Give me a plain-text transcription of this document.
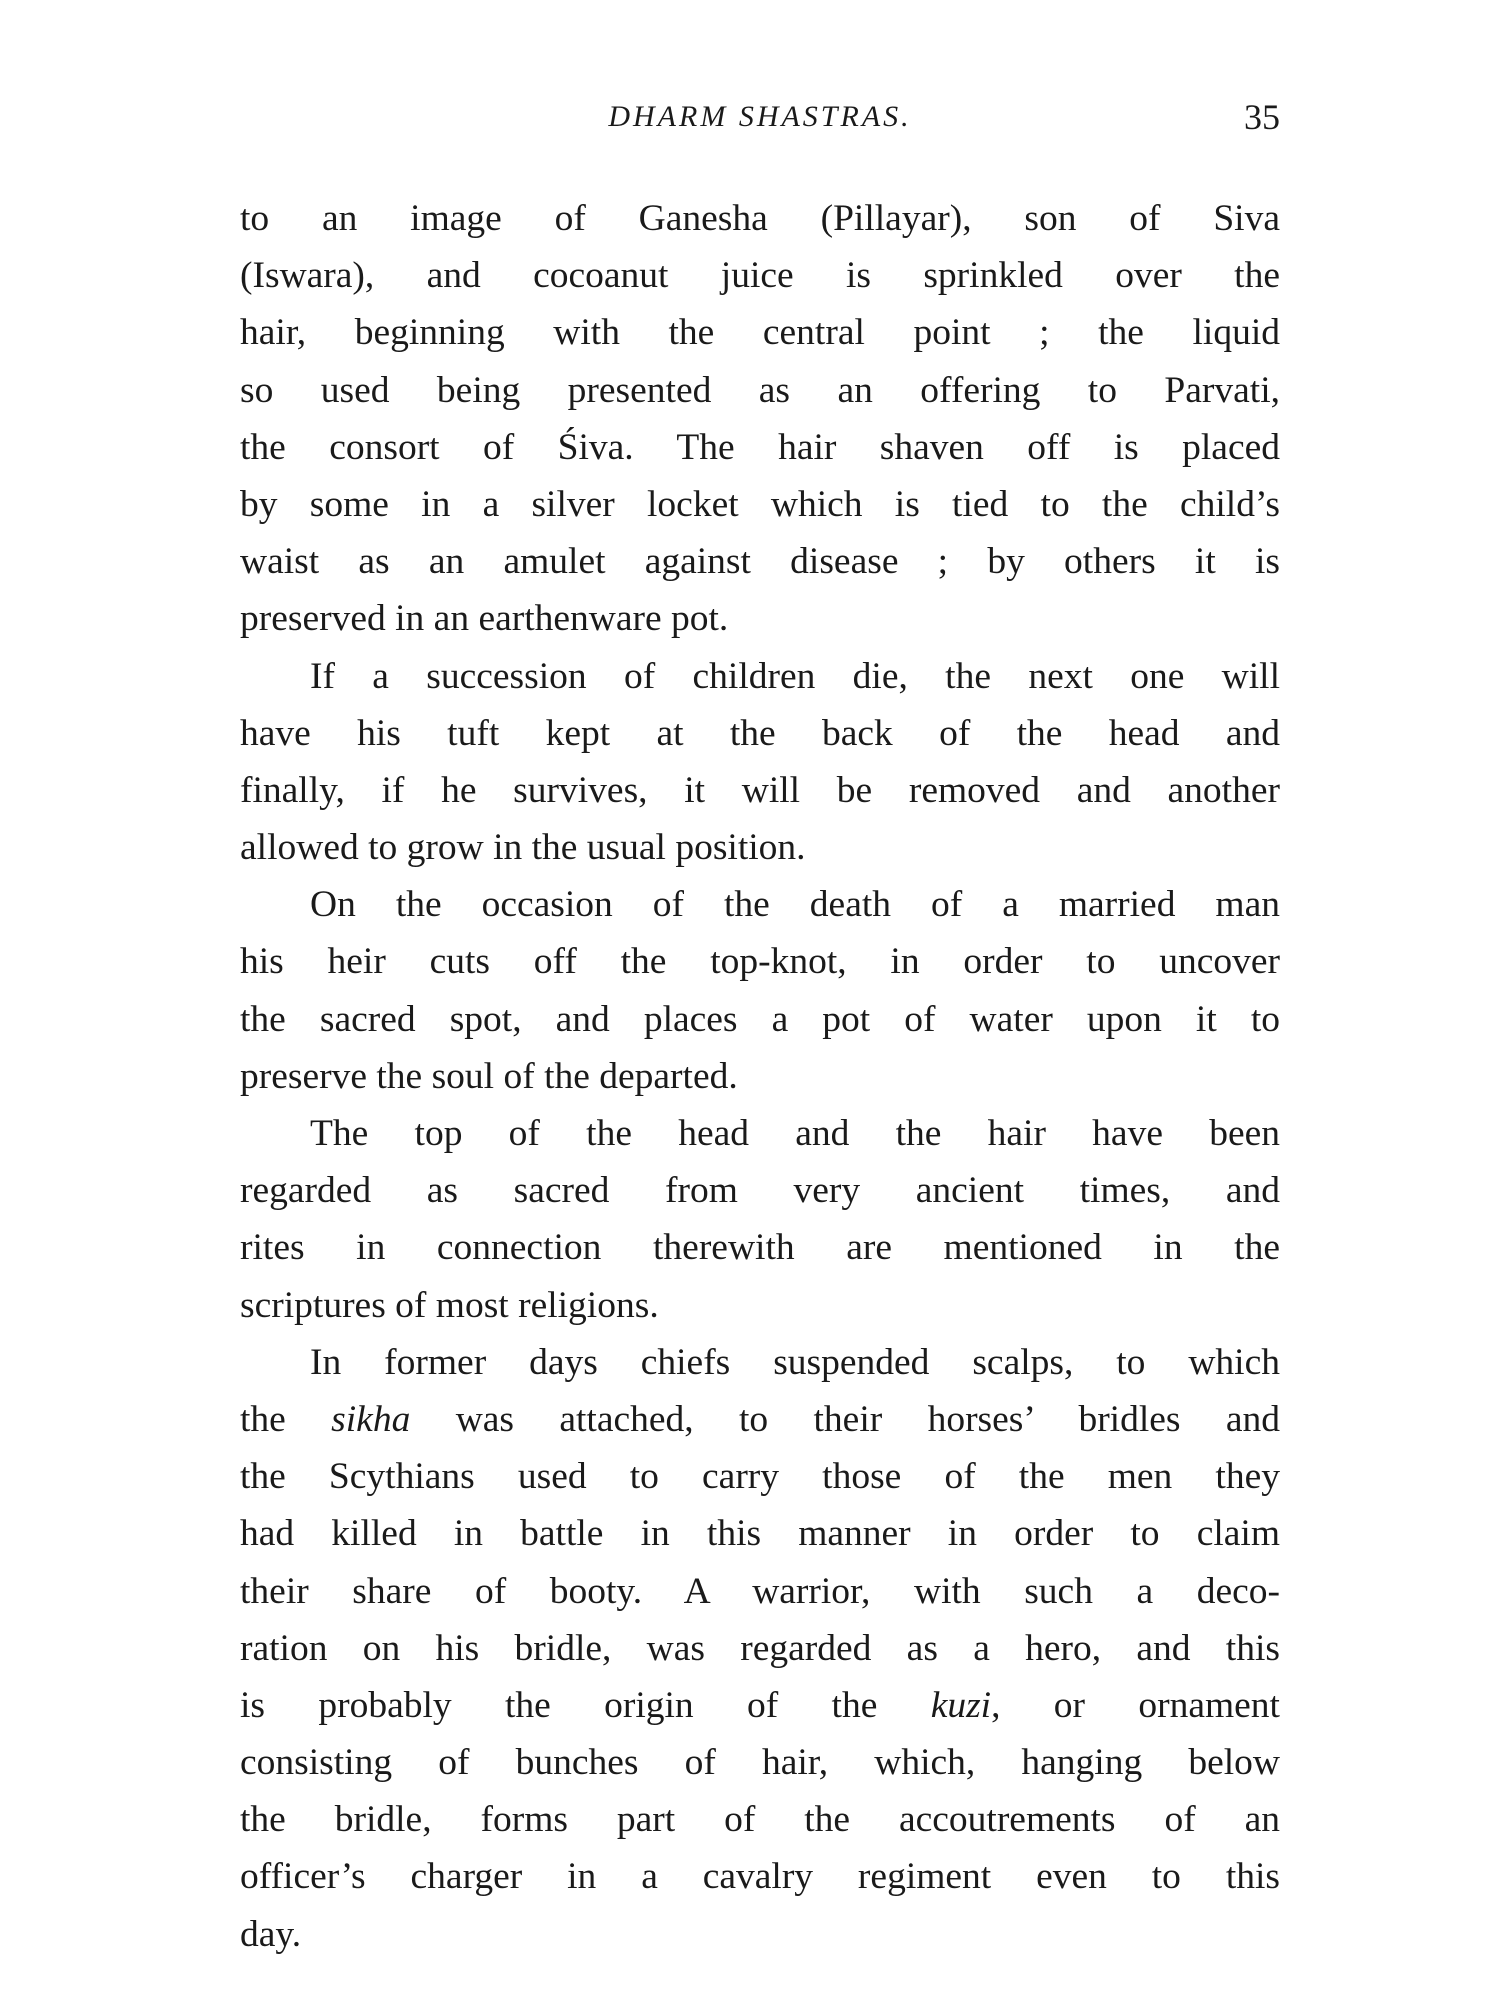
DHARM SHASTRAS.	35
to an image of Ganesha (Pillayar), son of Siva
(Iswara), and cocoanut juice is sprinkled over the
hair, beginning with the central point ; the liquid
so used being presented as an offering to Parvati,
the consort of Śiva. The hair shaven off is placed
by some in a silver locket which is tied to the child’s
waist as an amulet against disease ; by others it is
preserved in an earthenware pot.
If a succession of children die, the next one will
have his tuft kept at the back of the head and
finally, if he survives, it will be removed and another
allowed to grow in the usual position.
On the occasion of the death of a married man
his heir cuts off the top-knot, in order to uncover
the sacred spot, and places a pot of water upon it to
preserve the soul of the departed.
The top of the head and the hair have been
regarded as sacred from very ancient times, and
rites in connection therewith are mentioned in the
scriptures of most religions.
In former days chiefs suspended scalps, to which
the sikha was attached, to their horses’ bridles and
the Scythians used to carry those of the men they
had killed in battle in this manner in order to claim
their share of booty. A warrior, with such a deco-
ration on his bridle, was regarded as a hero, and this
is probably the origin of the kuzi, or ornament
consisting of bunches of hair, which, hanging below
the bridle, forms part of the accoutrements of an
officer’s charger in a cavalry regiment even to this
day.
